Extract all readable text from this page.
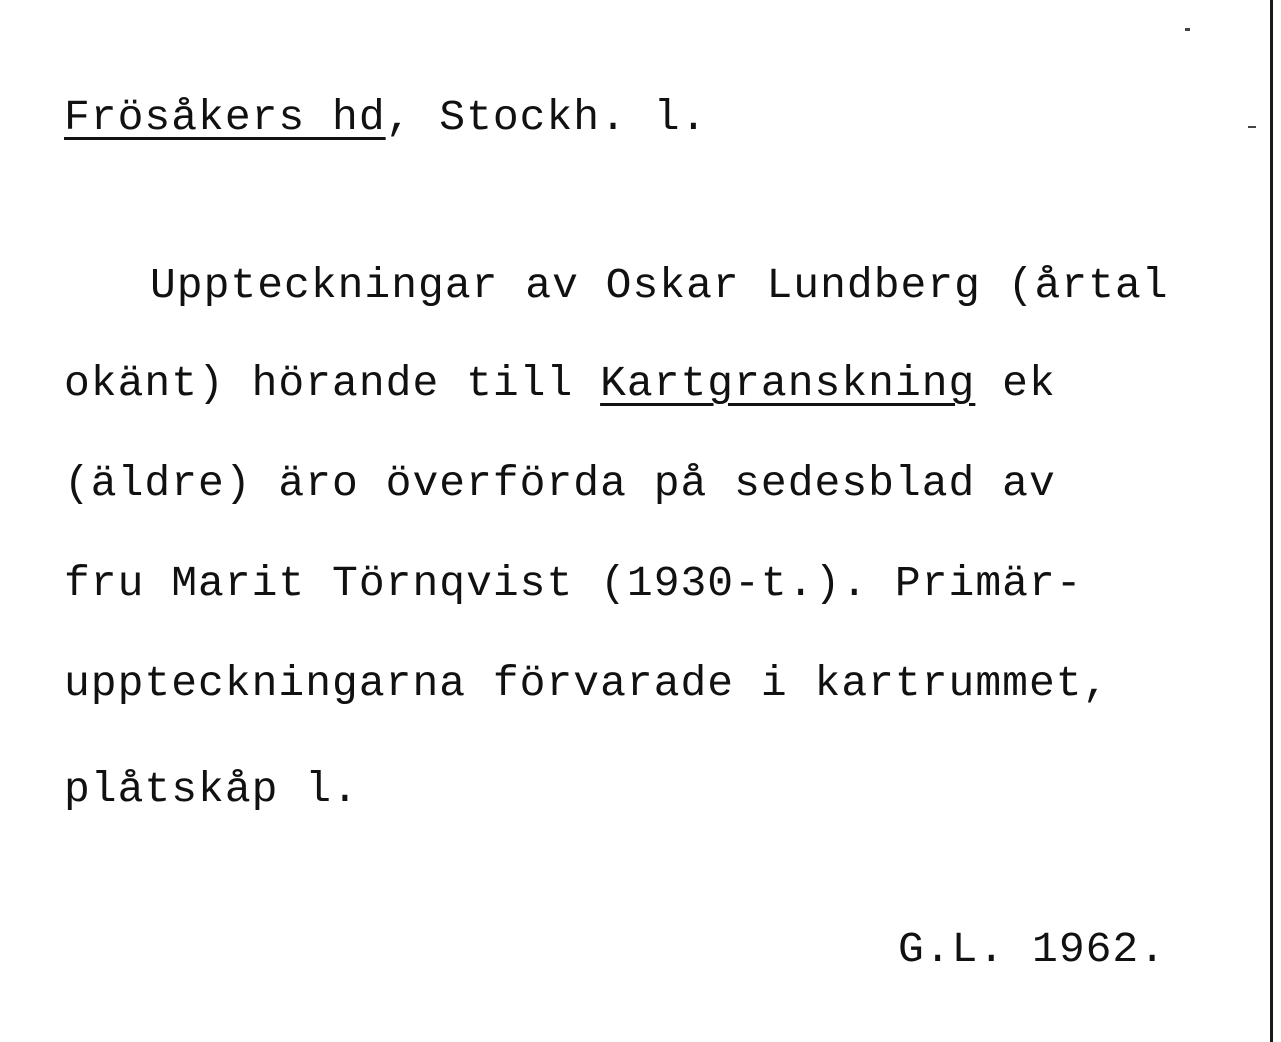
Frösåkers hd, Stockh. l.
Uppteckningar av Oskar Lundberg (årtal
okänt) hörande till Kartgranskning ek
(äldre) äro överförda på sedesblad av
fru Marit Törnqvist (1930-t.). Primär-
uppteckningarna förvarade i kartrummet,
plåtskåp l.
G.L. 1962.
